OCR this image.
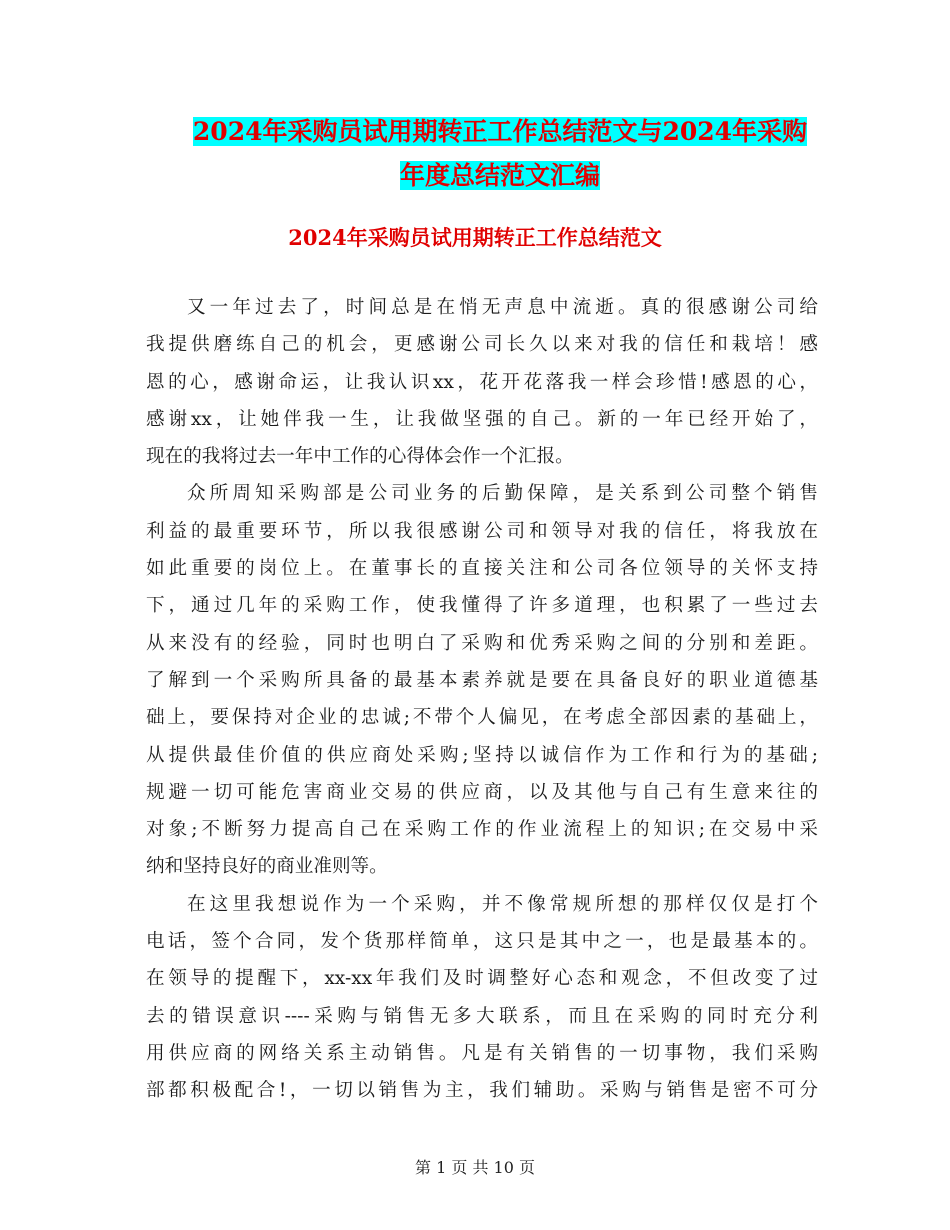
2024年采购员试用期转正工作总结范文与2024年采购
年度总结范文汇编
2024年采购员试用期转正工作总结范文
又一年过去了，时间总是在悄无声息中流逝。真的很感谢公司给
我提供磨练自己的机会，更感谢公司长久以来对我的信任和栽培！感
恩的心，感谢命运，让我认识xx，花开花落我一样会珍惜!感恩的心，
感谢xx，让她伴我一生，让我做坚强的自己。新的一年已经开始了，
现在的我将过去一年中工作的心得体会作一个汇报。
众所周知采购部是公司业务的后勤保障，是关系到公司整个销售
利益的最重要环节，所以我很感谢公司和领导对我的信任，将我放在
如此重要的岗位上。在董事长的直接关注和公司各位领导的关怀支持
下，通过几年的采购工作，使我懂得了许多道理，也积累了一些过去
从来没有的经验，同时也明白了采购和优秀采购之间的分别和差距。
了解到一个采购所具备的最基本素养就是要在具备良好的职业道德基
础上，要保持对企业的忠诚;不带个人偏见，在考虑全部因素的基础上，
从提供最佳价值的供应商处采购;坚持以诚信作为工作和行为的基础;
规避一切可能危害商业交易的供应商，以及其他与自己有生意来往的
对象;不断努力提高自己在采购工作的作业流程上的知识;在交易中采
纳和坚持良好的商业准则等。
在这里我想说作为一个采购，并不像常规所想的那样仅仅是打个
电话，签个合同，发个货那样简单，这只是其中之一，也是最基本的。
在领导的提醒下，xx-xx年我们及时调整好心态和观念，不但改变了过
去的错误意识----采购与销售无多大联系，而且在采购的同时充分利
用供应商的网络关系主动销售。凡是有关销售的一切事物，我们采购
部都积极配合!，一切以销售为主，我们辅助。采购与销售是密不可分
第 1 页 共 10 页
